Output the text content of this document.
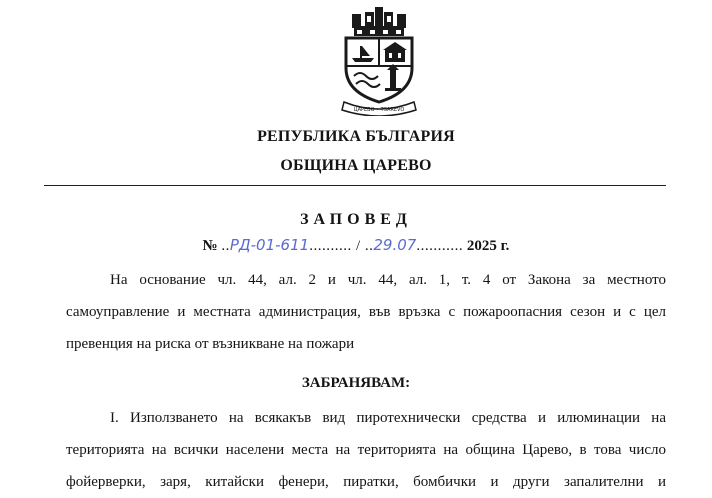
ЦАРЕВО • TSAREVO
РЕПУБЛИКА БЪЛГАРИЯ
ОБЩИНА ЦАРЕВО
ЗАПОВЕД
№ ..РД-01-611.......... / ..29.07........... 2025 г.
На основание чл. 44, ал. 2 и чл. 44, ал. 1, т. 4 от Закона за местното
самоуправление и местната администрация, във връзка с пожароопасния сезон и с цел
превенция на риска от възникване на пожари
ЗАБРАНЯВАМ:
I. Използването на всякакъв вид пиротехнически средства и илюминации на
територията на всички населени места на територията на община Царево, в това число
фойерверки, заря, китайски фенери, пиратки, бомбички и други запалителни и
